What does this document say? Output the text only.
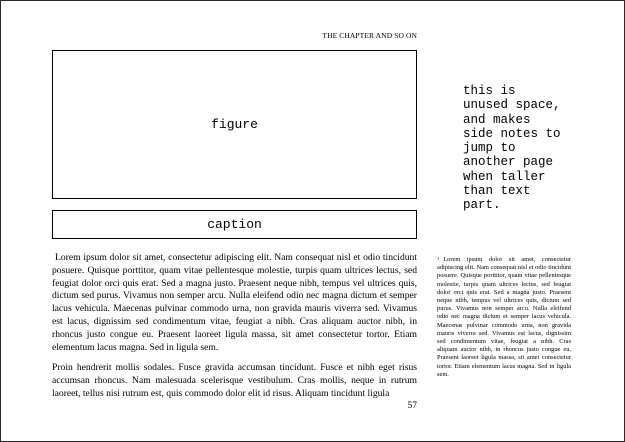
THE CHAPTER AND SO ON
figure
caption
this is
unused space,
and makes
side notes to
jump to
another page
when taller
than text
part.

Lorem ipsum dolor sit amet, consectetur adipiscing elit. Nam consequat nisl et odio tincidunt posuere. Quisque porttitor, quam vitae pellentesque molestie, turpis quam ultrices lectus, sed feugiat dolor orci quis erat. Sed a magna justo. Praesent neque nibh, tempus vel ultrices quis, dictum sed purus. Vivamus non semper arcu. Nulla eleifend odio nec magna dictum et semper lacus vehicula. Maecenas pulvinar commodo urna, non gravida mauris viverra sed. Vivamus est lacus, dignissim sed condimentum vitae, feugiat a nibh. Cras aliquam auctor nibh, in rhoncus justo congue eu. Praesent laoreet ligula massa, sit amet consectetur tortor. Etiam elementum lacus magna. Sed in ligula sem.

Proin hendrerit mollis sodales. Fusce gravida accumsan tincidunt. Fusce et nibh eget risus accumsan rhoncus. Nam malesuada scelerisque vestibulum. Cras mollis, neque in rutrum laoreet, tellus nisi rutrum est, quis commodo dolor elit id risus. Aliquam tincidunt ligula

$^1$ Lorem ipsum dolor sit amet, consectetur adipiscing elit. Nam consequat nisl et odio tincidunt posuere. Quisque porttitor, quam vitae pellentesque molestie, turpis quam ultrices lectus, sed feugiat dolor orci quis erat. Sed a magna justo. Praesent neque nibh, tempus vel ultrices quis, dictum sed purus. Vivamus non semper arcu. Nulla eleifend odio nec magna dictum et semper lacus vehicula. Maecenas pulvinar commodo urna, non gravida mauris viverra sed. Vivamus est lacus, dignissim sed condimentum vitae, feugiat a nibh. Cras aliquam auctor nibh, in rhoncus justo congue eu. Praesent laoreet ligula massa, sit amet consectetur tortor. Etiam elementum lacus magna. Sed in ligula sem.
57
